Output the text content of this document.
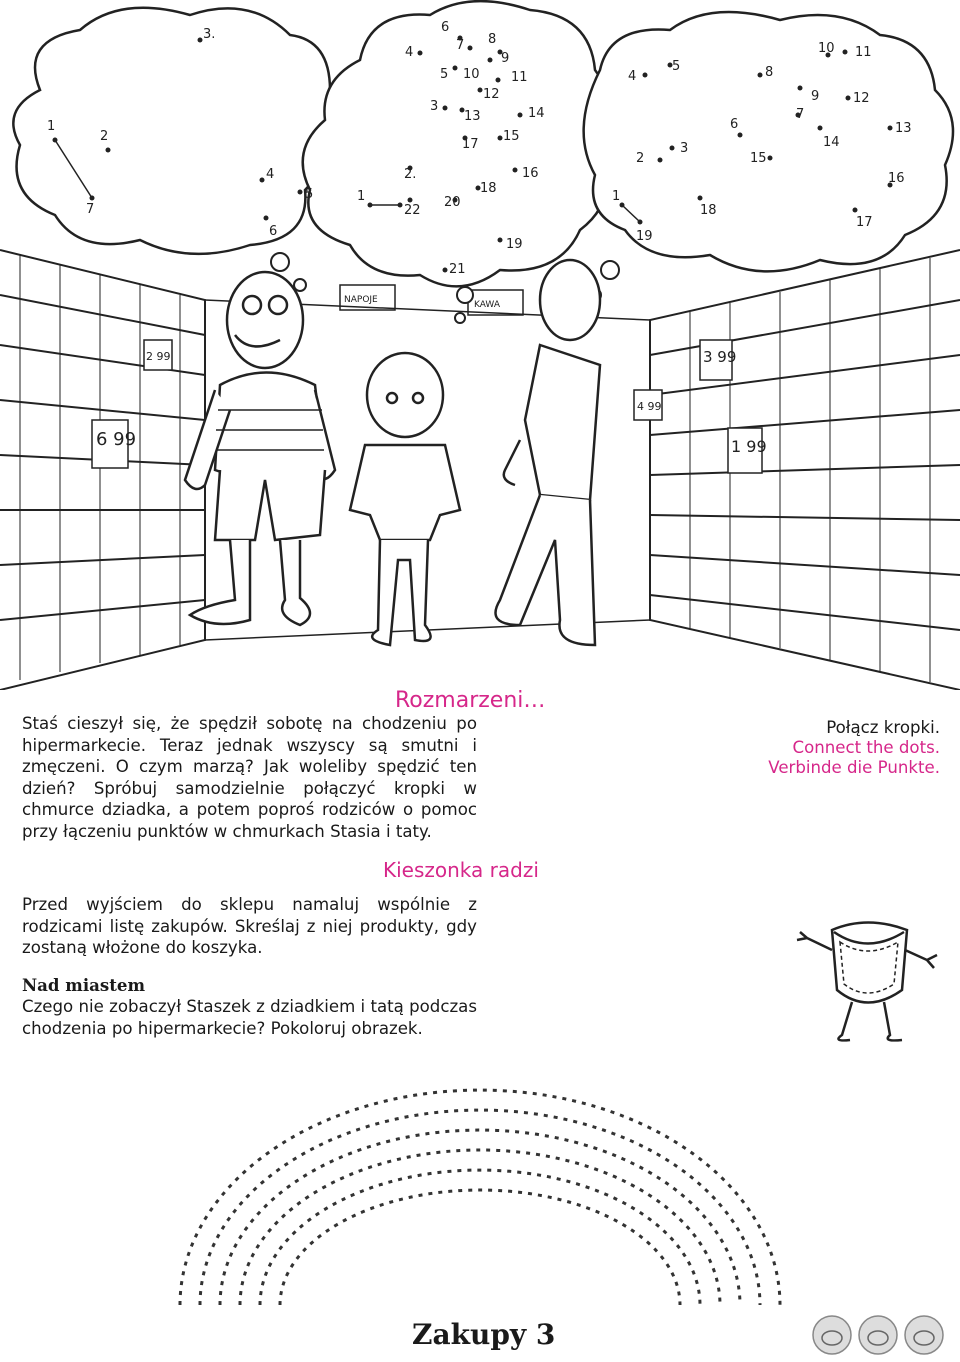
NAPOJE	KAWA
6 99
2 99	3 99
4 99
1 99
1
7
2
3.
4
5
6
1
22
2.
3
4
5
6
7 8
9
10 11
12
13	14
15
16
17
18
19
20
21
1
19
2
3
4
5
6
7
8
9
10 11
12
13
14
15
16
17
18

Rozmarzeni…

Staś cieszył się, że spędził sobotę na chodzeniu po hipermarkecie. Teraz jednak wszyscy są smutni i zmęczeni. O czym marzą? Jak woleliby spędzić ten dzień? Spróbuj samodzielnie połączyć kropki w chmurce dziadka, a potem poproś rodziców o pomoc przy łączeniu punktów w chmurkach Stasia i taty.

Kieszonka radzi

Przed wyjściem do sklepu namaluj wspólnie z rodzicami listę zakupów. Skreślaj z niej produkty, gdy zostaną włożone do koszyka.

Nad miastem

Czego nie zobaczył Staszek z dziadkiem i tatą podczas chodzenia po hipermarkecie? Pokoloruj obrazek.

Połącz kropki.
Connect the dots.
Verbinde die Punkte.

Zakupy 3
